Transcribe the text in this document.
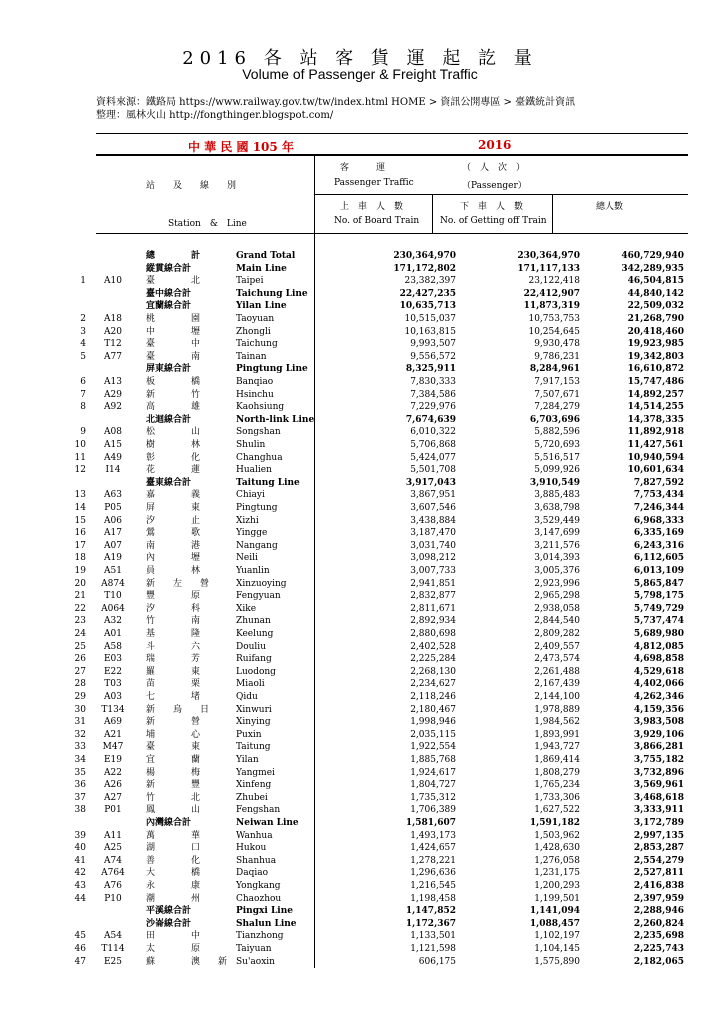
2016 各 站 客 貨 運 起 訖 量
Volume of Passenger & Freight Traffic
資料來源：鐵路局 https://www.railway.gov.tw/tw/index.html HOME > 資訊公開專區 > 臺鐵統計資訊
整理：風林火山 http://fongthinger.blogspot.com/
中 華 民 國 105 年	2016
客　　　運	（　人　次　）
站　　及　　線　　別	Passenger Traffic	（Passenger）
上　車　人　數	下　車　人　數	總人數
Station　&　Line	No. of Board Train No. of Getting off Train
總　　　　計	Grand Total	230,364,970	230,364,970	460,729,940
縱貫線合計	Main Line	171,172,802	171,117,133	342,289,935
1	A10	臺　　　　北	Taipei	23,382,397	23,122,418	46,504,815
臺中線合計	Taichung Line	22,427,235	22,412,907	44,840,142
宜蘭線合計	Yilan Line	10,635,713	11,873,319	22,509,032
2	A18	桃　　　　園	Taoyuan	10,515,037	10,753,753	21,268,790
3	A20	中　　　　壢	Zhongli	10,163,815	10,254,645	20,418,460
4	T12	臺　　　　中	Taichung	9,993,507	9,930,478	19,923,985
5	A77	臺　　　　南	Tainan	9,556,572	9,786,231	19,342,803
屏東線合計	Pingtung Line	8,325,911	8,284,961	16,610,872
6	A13	板　　　　橋	Banqiao	7,830,333	7,917,153	15,747,486
7	A29	新　　　　竹	Hsinchu	7,384,586	7,507,671	14,892,257
8	A92	高　　　　雄	Kaohsiung	7,229,976	7,284,279	14,514,255
北迴線合計	North-link Line	7,674,639	6,703,696	14,378,335
9	A08	松　　　　山	Songshan	6,010,322	5,882,596	11,892,918
10	A15	樹　　　　林	Shulin	5,706,868	5,720,693	11,427,561
11	A49	彰　　　　化	Changhua	5,424,077	5,516,517	10,940,594
12	I14	花　　　　蓮	Hualien	5,501,708	5,099,926	10,601,634
臺東線合計	Taitung Line	3,917,043	3,910,549	7,827,592
13	A63	嘉　　　　義	Chiayi	3,867,951	3,885,483	7,753,434
14	P05	屏　　　　東	Pingtung	3,607,546	3,638,798	7,246,344
15	A06	汐　　　　止	Xizhi	3,438,884	3,529,449	6,968,333
16	A17	鶯　　　　歌	Yingge	3,187,470	3,147,699	6,335,169
17	A07	南　　　　港	Nangang	3,031,740	3,211,576	6,243,316
18	A19	內　　　　壢	Neili	3,098,212	3,014,393	6,112,605
19	A51	員　　　　林	Yuanlin	3,007,733	3,005,376	6,013,109
20	A874	新　　左　　營	Xinzuoying	2,941,851	2,923,996	5,865,847
21	T10	豐　　　　原	Fengyuan	2,832,877	2,965,298	5,798,175
22	A064	汐　　　　科	Xike	2,811,671	2,938,058	5,749,729
23	A32	竹　　　　南	Zhunan	2,892,934	2,844,540	5,737,474
24	A01	基　　　　隆	Keelung	2,880,698	2,809,282	5,689,980
25	A58	斗　　　　六	Douliu	2,402,528	2,409,557	4,812,085
26	E03	瑞　　　　芳	Ruifang	2,225,284	2,473,574	4,698,858
27	E22	羅　　　　東	Luodong	2,268,130	2,261,488	4,529,618
28	T03	苗　　　　栗	Miaoli	2,234,627	2,167,439	4,402,066
29	A03	七　　　　堵	Qidu	2,118,246	2,144,100	4,262,346
30	T134	新　　烏　　日	Xinwuri	2,180,467	1,978,889	4,159,356
31	A69	新　　　　營	Xinying	1,998,946	1,984,562	3,983,508
32	A21	埔　　　　心	Puxin	2,035,115	1,893,991	3,929,106
33	M47	臺　　　　東	Taitung	1,922,554	1,943,727	3,866,281
34	E19	宜　　　　蘭	Yilan	1,885,768	1,869,414	3,755,182
35	A22	楊　　　　梅	Yangmei	1,924,617	1,808,279	3,732,896
36	A26	新　　　　豐	Xinfeng	1,804,727	1,765,234	3,569,961
37	A27	竹　　　　北	Zhubei	1,735,312	1,733,306	3,468,618
38	P01	鳳　　　　山	Fengshan	1,706,389	1,627,522	3,333,911
內灣線合計	Neiwan Line	1,581,607	1,591,182	3,172,789
39	A11	萬　　　　華	Wanhua	1,493,173	1,503,962	2,997,135
40	A25	湖　　　　口	Hukou	1,424,657	1,428,630	2,853,287
41	A74	善　　　　化	Shanhua	1,278,221	1,276,058	2,554,279
42	A764	大　　　　橋	Daqiao	1,296,636	1,231,175	2,527,811
43	A76	永　　　　康	Yongkang	1,216,545	1,200,293	2,416,838
44	P10	潮　　　　州	Chaozhou	1,198,458	1,199,501	2,397,959
平溪線合計	Pingxi Line	1,147,852	1,141,094	2,288,946
沙崙線合計	Shalun Line	1,172,367	1,088,457	2,260,824
45	A54	田　　　　中	Tianzhong	1,133,501	1,102,197	2,235,698
46	T114	太　　　　原	Taiyuan	1,121,598	1,104,145	2,225,743
47	E25	蘇　　　　澳　　新 Su'aoxin	606,175	1,575,890	2,182,065
